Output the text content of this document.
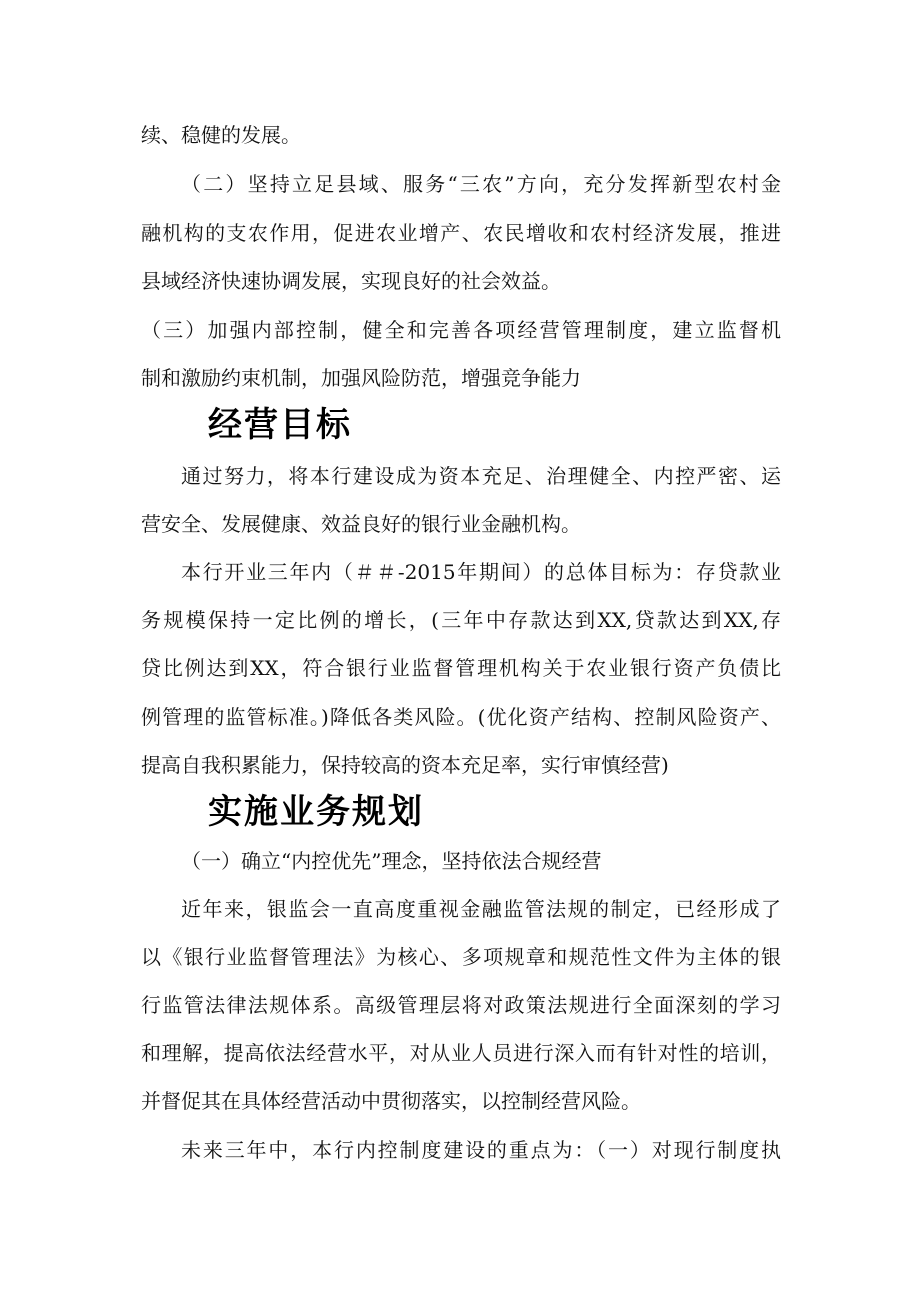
续、稳健的发展。
（二）坚持立足县域、服务“三农”方向，充分发挥新型农村金
融机构的支农作用，促进农业增产、农民增收和农村经济发展，推进
县域经济快速协调发展，实现良好的社会效益。
（三）加强内部控制，健全和完善各项经营管理制度，建立监督机
制和激励约束机制，加强风险防范，增强竞争能力
经营目标
通过努力，将本行建设成为资本充足、治理健全、内控严密、运
营安全、发展健康、效益良好的银行业金融机构。
本行开业三年内（＃＃-2015年期间）的总体目标为：存贷款业
务规模保持一定比例的增长，(三年中存款达到XX,贷款达到XX,存
贷比例达到XX，符合银行业监督管理机构关于农业银行资产负债比
例管理的监管标准。)降低各类风险。(优化资产结构、控制风险资产、
提高自我积累能力，保持较高的资本充足率，实行审慎经营)
实施业务规划
（一）确立“内控优先”理念，坚持依法合规经营
近年来，银监会一直高度重视金融监管法规的制定，已经形成了
以《银行业监督管理法》为核心、多项规章和规范性文件为主体的银
行监管法律法规体系。高级管理层将对政策法规进行全面深刻的学习
和理解，提高依法经营水平，对从业人员进行深入而有针对性的培训，
并督促其在具体经营活动中贯彻落实，以控制经营风险。
未来三年中，本行内控制度建设的重点为：（一）对现行制度执
